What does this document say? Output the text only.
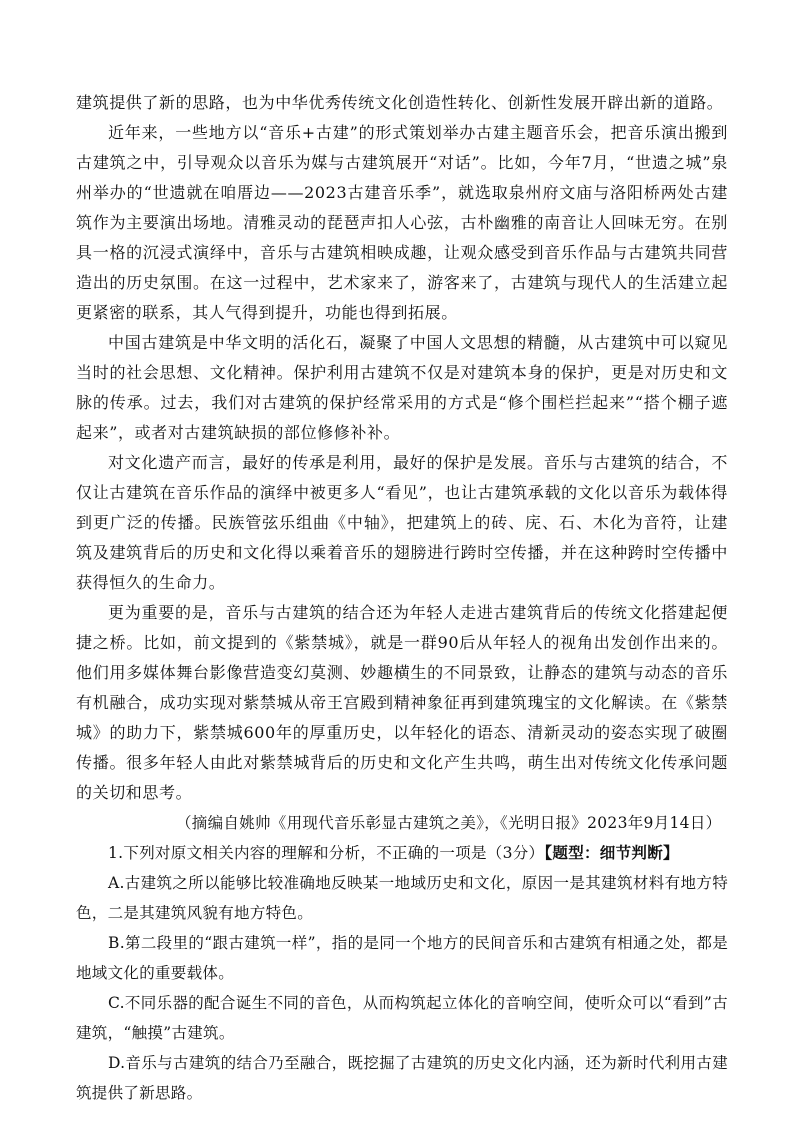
建筑提供了新的思路，也为中华优秀传统文化创造性转化、创新性发展开辟出新的道路。

近年来，一些地方以“音乐+古建”的形式策划举办古建主题音乐会，把音乐演出搬到古建筑之中，引导观众以音乐为媒与古建筑展开“对话”。比如，今年7月，“世遗之城”泉州举办的“世遗就在咱厝边——2023古建音乐季”，就选取泉州府文庙与洛阳桥两处古建筑作为主要演出场地。清雅灵动的琵琶声扣人心弦，古朴幽雅的南音让人回味无穷。在别具一格的沉浸式演绎中，音乐与古建筑相映成趣，让观众感受到音乐作品与古建筑共同营造出的历史氛围。在这一过程中，艺术家来了，游客来了，古建筑与现代人的生活建立起更紧密的联系，其人气得到提升，功能也得到拓展。

中国古建筑是中华文明的活化石，凝聚了中国人文思想的精髓，从古建筑中可以窥见当时的社会思想、文化精神。保护利用古建筑不仅是对建筑本身的保护，更是对历史和文脉的传承。过去，我们对古建筑的保护经常采用的方式是“修个围栏拦起来”“搭个棚子遮起来”，或者对古建筑缺损的部位修修补补。

对文化遗产而言，最好的传承是利用，最好的保护是发展。音乐与古建筑的结合，不仅让古建筑在音乐作品的演绎中被更多人“看见”，也让古建筑承载的文化以音乐为载体得到更广泛的传播。民族管弦乐组曲《中轴》，把建筑上的砖、庑、石、木化为音符，让建筑及建筑背后的历史和文化得以乘着音乐的翅膀进行跨时空传播，并在这种跨时空传播中获得恒久的生命力。

更为重要的是，音乐与古建筑的结合还为年轻人走进古建筑背后的传统文化搭建起便捷之桥。比如，前文提到的《紫禁城》，就是一群90后从年轻人的视角出发创作出来的。他们用多媒体舞台影像营造变幻莫测、妙趣横生的不同景致，让静态的建筑与动态的音乐有机融合，成功实现对紫禁城从帝王宫殿到精神象征再到建筑瑰宝的文化解读。在《紫禁城》的助力下，紫禁城600年的厚重历史，以年轻化的语态、清新灵动的姿态实现了破圈传播。很多年轻人由此对紫禁城背后的历史和文化产生共鸣，萌生出对传统文化传承问题的关切和思考。

（摘编自姚帅《用现代音乐彰显古建筑之美》，《光明日报》2023年9月14日）

1.下列对原文相关内容的理解和分析，不正确的一项是（3分）【题型：细节判断】

A.古建筑之所以能够比较准确地反映某一地域历史和文化，原因一是其建筑材料有地方特色，二是其建筑风貌有地方特色。

B.第二段里的“跟古建筑一样”，指的是同一个地方的民间音乐和古建筑有相通之处，都是地域文化的重要载体。

C.不同乐器的配合诞生不同的音色，从而构筑起立体化的音响空间，使听众可以“看到”古建筑，“触摸”古建筑。

D.音乐与古建筑的结合乃至融合，既挖掘了古建筑的历史文化内涵，还为新时代利用古建筑提供了新思路。
